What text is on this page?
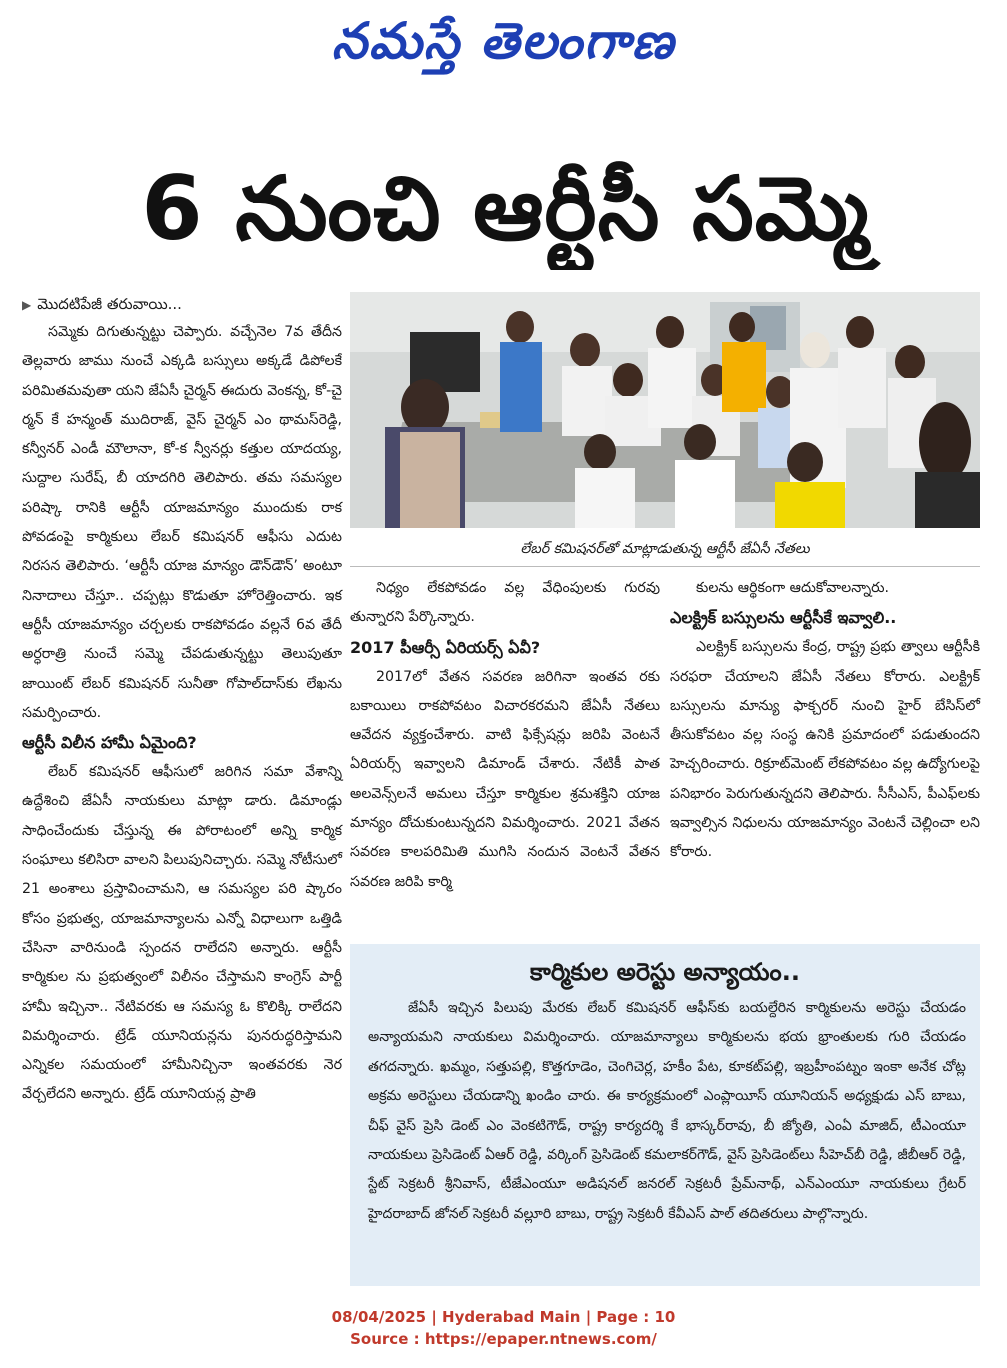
నమస్తే తెలంగాణ
6 నుంచి ఆర్టీసీ సమ్మె
▶ మొదటిపేజీ తరువాయి...

సమ్మెకు దిగుతున్నట్టు చెప్పారు. వచ్చేనెల 7వ తేదీన తెల్లవారు జాము నుంచే ఎక్కడి బస్సులు అక్కడే డిపోలకే పరిమితమవుతా యని జేఏసీ చైర్మన్ ఈదురు వెంకన్న, కో-చై ర్మన్ కే హన్మంత్ ముదిరాజ్, వైస్ చైర్మన్ ఎం థామస్‌రెడ్డి, కన్వీనర్ ఎండీ మౌలానా, కో-క న్వీనర్లు కత్తుల యాదయ్య, సుద్దాల సురేష్, బీ యాదగిరి తెలిపారు. తమ సమస్యల పరిష్కా రానికి ఆర్టీసీ యాజమాన్యం ముందుకు రాక పోవడంపై కార్మికులు లేబర్ కమిషనర్ ఆఫీసు ఎదుట నిరసన తెలిపారు. ‘ఆర్టీసీ యాజ మాన్యం డౌన్‌డౌన్’ అంటూ నినాదాలు చేస్తూ.. చప్పట్లు కొడుతూ హోరెత్తించారు. ఇక ఆర్టీసీ యాజమాన్యం చర్చలకు రాకపోవడం వల్లనే 6వ తేదీ అర్ధరాత్రి నుంచే సమ్మె చేపడుతున్నట్టు తెలుపుతూ జాయింట్ లేబర్ కమిషనర్ సునీతా గోపాల్‌దాస్‌కు లేఖను సమర్పించారు.

ఆర్టీసీ విలీన హామీ ఏమైంది?

లేబర్ కమిషనర్ ఆఫీసులో జరిగిన సమా వేశాన్ని ఉద్దేశించి జేఏసీ నాయకులు మాట్లా డారు. డిమాండ్లు సాధించేందుకు చేస్తున్న ఈ పోరాటంలో అన్ని కార్మిక సంఘాలు కలిసిరా వాలని పిలుపునిచ్చారు. సమ్మె నోటీసులో 21 అంశాలు ప్రస్తావించామని, ఆ సమస్యల పరి ష్కారం కోసం ప్రభుత్వ, యాజమాన్యాలను ఎన్నో విధాలుగా ఒత్తిడి చేసినా వారినుండి స్పందన రాలేదని అన్నారు. ఆర్టీసీ కార్మికుల ను ప్రభుత్వంలో విలీనం చేస్తామని కాంగ్రెస్ పార్టీ హామీ ఇచ్చినా.. నేటివరకు ఆ సమస్య ఓ కొలిక్కి రాలేదని విమర్శించారు. ట్రేడ్ యూనియన్లను పునరుద్ధరిస్తామని ఎన్నికల సమయంలో హామీనిచ్చినా ఇంతవరకు నెర వేర్చలేదని అన్నారు. ట్రేడ్ యూనియన్ల ప్రాతి

లేబర్ కమిషనర్‌తో మాట్లాడుతున్న ఆర్టీసీ జేఏసీ నేతలు

నిధ్యం లేకపోవడం వల్ల వేధింపులకు గురవు తున్నారని పేర్కొన్నారు.

2017 పీఆర్సీ ఏరియర్స్ ఏవీ?

2017లో వేతన సవరణ జరిగినా ఇంతవ రకు బకాయిలు రాకపోవటం విచారకరమని జేఏసీ నేతలు ఆవేదన వ్యక్తంచేశారు. వాటి ఫిక్సేషన్లు జరిపి వెంటనే ఏరియర్స్ ఇవ్వాలని డిమాండ్ చేశారు. నేటికీ పాత అలవెన్స్‌లనే అమలు చేస్తూ కార్మికుల శ్రమశక్తిని యాజ మాన్యం దోచుకుంటున్నదని విమర్శించారు. 2021 వేతన సవరణ కాలపరిమితి ముగిసి నందున వెంటనే వేతన సవరణ జరిపి కార్మి

కులను ఆర్థికంగా ఆదుకోవాలన్నారు.

ఎలక్ట్రిక్ బస్సులను ఆర్టీసీకే ఇవ్వాలి..

ఎలక్ట్రిక్ బస్సులను కేంద్ర, రాష్ట్ర ప్రభు త్వాలు ఆర్టీసీకి సరఫరా చేయాలని జేఏసీ నేతలు కోరారు. ఎలక్ట్రిక్ బస్సులను మాన్యు ఫాక్చరర్ నుంచి హైర్ బేసిస్‌లో తీసుకోవటం వల్ల సంస్థ ఉనికి ప్రమాదంలో పడుతుందని హెచ్చరించారు. రిక్రూట్‌మెంట్ లేకపోవటం వల్ల ఉద్యోగులపై పనిభారం పెరుగుతున్నదని తెలిపారు. సీసీఎస్, పీఎఫ్‌లకు ఇవ్వాల్సిన నిధులను యాజమాన్యం వెంటనే చెల్లించా లని కోరారు.

కార్మికుల అరెస్టు అన్యాయం..

జేఏసీ ఇచ్చిన పిలుపు మేరకు లేబర్ కమిషనర్ ఆఫీస్‌కు బయల్దేరిన కార్మికులను అరెస్టు చేయడం అన్యాయమని నాయకులు విమర్శించారు. యాజమాన్యాలు కార్మికులను భయ భ్రాంతులకు గురి చేయడం తగదన్నారు. ఖమ్మం, సత్తుపల్లి, కొత్తగూడెం, చెంగిచెర్ల, హకీం పేట, కూకట్‌పల్లి, ఇబ్రహీంపట్నం ఇంకా అనేక చోట్ల అక్రమ అరెస్టులు చేయడాన్ని ఖండిం చారు. ఈ కార్యక్రమంలో ఎంప్లాయీస్ యూనియన్ అధ్యక్షుడు ఎస్ బాబు, చీఫ్ వైస్ ప్రెసి డెంట్ ఎం వెంకటిగౌడ్, రాష్ట్ర కార్యదర్శి కే భాస్కర్‌రావు, బీ జ్యోతి, ఎంఏ మాజిద్, టీఎంయూ నాయకులు ప్రెసిడెంట్ ఏఆర్ రెడ్డి, వర్కింగ్ ప్రెసిడెంట్ కమలాకర్‌గౌడ్, వైస్ ప్రెసిడెంట్‌లు సీహెచ్‌బీ రెడ్డి, జీబీఆర్ రెడ్డి, స్టేట్ సెక్రటరీ శ్రీనివాస్, టీజేఎంయూ అడిషనల్ జనరల్ సెక్రటరీ ప్రేమ్‌నాథ్, ఎన్ఎంయూ నాయకులు గ్రేటర్ హైదరాబాద్ జోనల్ సెక్రటరీ వల్లూరి బాబు, రాష్ట్ర సెక్రటరీ కేవీఎస్ పాల్ తదితరులు పాల్గొన్నారు.

08/04/2025 | Hyderabad Main | Page : 10
Source : https://epaper.ntnews.com/
